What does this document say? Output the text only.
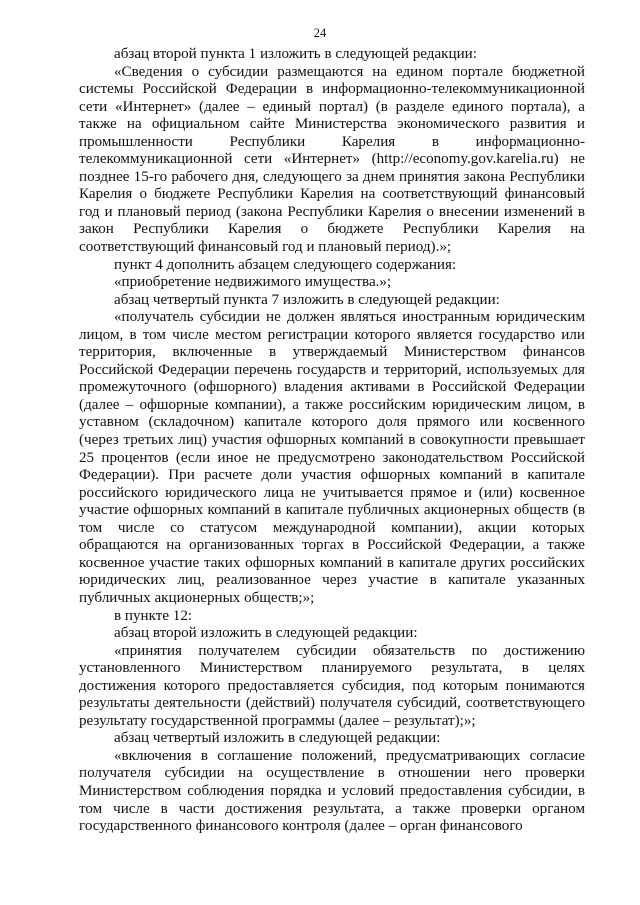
24

абзац второй пункта 1 изложить в следующей редакции:

«Сведения о субсидии размещаются на едином портале бюджетной системы Российской Федерации в информационно-телекоммуникационной сети «Интернет» (далее – единый портал) (в разделе единого портала), а также на официальном сайте Министерства экономического развития и промышленности Республики Карелия в информационно-телекоммуникационной сети «Интернет» (http://economy.gov.karelia.ru) не позднее 15-го рабочего дня, следующего за днем принятия закона Республики Карелия о бюджете Республики Карелия на соответствующий финансовый год и плановый период (закона Республики Карелия о внесении изменений в закон Республики Карелия о бюджете Республики Карелия на соответствующий финансовый год и плановый период).»;

пункт 4 дополнить абзацем следующего содержания:

«приобретение недвижимого имущества.»;

абзац четвертый пункта 7 изложить в следующей редакции:

«получатель субсидии не должен являться иностранным юридическим лицом, в том числе местом регистрации которого является государство или территория, включенные в утверждаемый Министерством финансов Российской Федерации перечень государств и территорий, используемых для промежуточного (офшорного) владения активами в Российской Федерации (далее – офшорные компании), а также российским юридическим лицом, в уставном (складочном) капитале которого доля прямого или косвенного (через третьих лиц) участия офшорных компаний в совокупности превышает 25 процентов (если иное не предусмотрено законодательством Российской Федерации). При расчете доли участия офшорных компаний в капитале российского юридического лица не учитывается прямое и (или) косвенное участие офшорных компаний в капитале публичных акционерных обществ (в том числе со статусом международной компании), акции которых обращаются на организованных торгах в Российской Федерации, а также косвенное участие таких офшорных компаний в капитале других российских юридических лиц, реализованное через участие в капитале указанных публичных акционерных обществ;»;

в пункте 12:

абзац второй изложить в следующей редакции:

«принятия получателем субсидии обязательств по достижению установленного Министерством планируемого результата, в целях достижения которого предоставляется субсидия, под которым понимаются результаты деятельности (действий) получателя субсидий, соответствующего результату государственной программы (далее – результат);»;

абзац четвертый изложить в следующей редакции:

«включения в соглашение положений, предусматривающих согласие получателя субсидии на осуществление в отношении него проверки Министерством соблюдения порядка и условий предоставления субсидии, в том числе в части достижения результата, а также проверки органом государственного финансового контроля (далее – орган финансового
